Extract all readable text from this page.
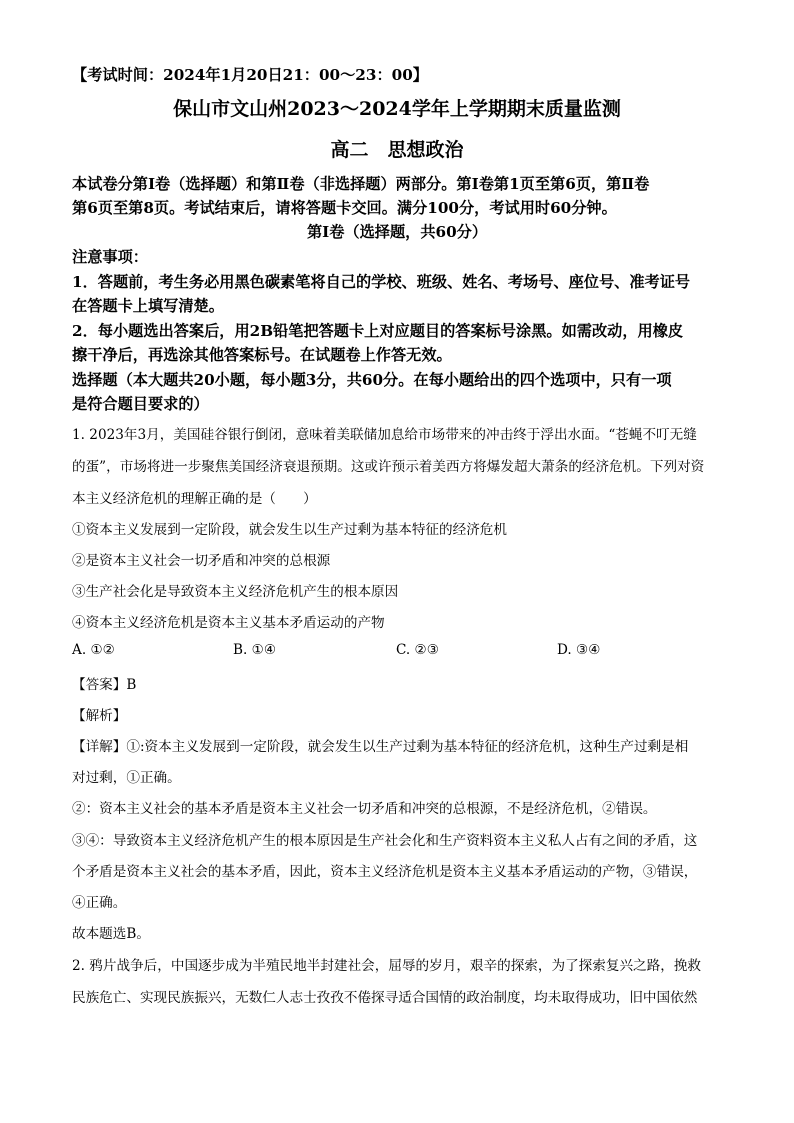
【考试时间：2024年1月20日21：00～23：00】
保山市文山州2023～2024学年上学期期末质量监测
高二　思想政治
本试卷分第Ⅰ卷（选择题）和第Ⅱ卷（非选择题）两部分。第Ⅰ卷第1页至第6页，第Ⅱ卷
第6页至第8页。考试结束后，请将答题卡交回。满分100分，考试用时60分钟。
第Ⅰ卷（选择题，共60分）
注意事项：
1．答题前，考生务必用黑色碳素笔将自己的学校、班级、姓名、考场号、座位号、准考证号
在答题卡上填写清楚。
2．每小题选出答案后，用2B铅笔把答题卡上对应题目的答案标号涂黑。如需改动，用橡皮
擦干净后，再选涂其他答案标号。在试题卷上作答无效。
选择题（本大题共20小题，每小题3分，共60分。在每小题给出的四个选项中，只有一项
是符合题目要求的）
1. 2023年3月，美国硅谷银行倒闭，意味着美联储加息给市场带来的冲击终于浮出水面。“苍蝇不叮无缝
的蛋”，市场将进一步聚焦美国经济衰退预期。这或许预示着美西方将爆发超大萧条的经济危机。下列对资
本主义经济危机的理解正确的是（　　）
①资本主义发展到一定阶段，就会发生以生产过剩为基本特征的经济危机
②是资本主义社会一切矛盾和冲突的总根源
③生产社会化是导致资本主义经济危机产生的根本原因
④资本主义经济危机是资本主义基本矛盾运动的产物
A. ①②	B. ①④	C. ②③	D. ③④
【答案】B
【解析】
【详解】①:资本主义发展到一定阶段，就会发生以生产过剩为基本特征的经济危机，这种生产过剩是相
对过剩，①正确。
②：资本主义社会的基本矛盾是资本主义社会一切矛盾和冲突的总根源，不是经济危机，②错误。
③④：导致资本主义经济危机产生的根本原因是生产社会化和生产资料资本主义私人占有之间的矛盾，这
个矛盾是资本主义社会的基本矛盾，因此，资本主义经济危机是资本主义基本矛盾运动的产物，③错误，
④正确。
故本题选B。
2. 鸦片战争后，中国逐步成为半殖民地半封建社会，屈辱的岁月，艰辛的探索，为了探索复兴之路，挽救
民族危亡、实现民族振兴，无数仁人志士孜孜不倦探寻适合国情的政治制度，均未取得成功，旧中国依然
